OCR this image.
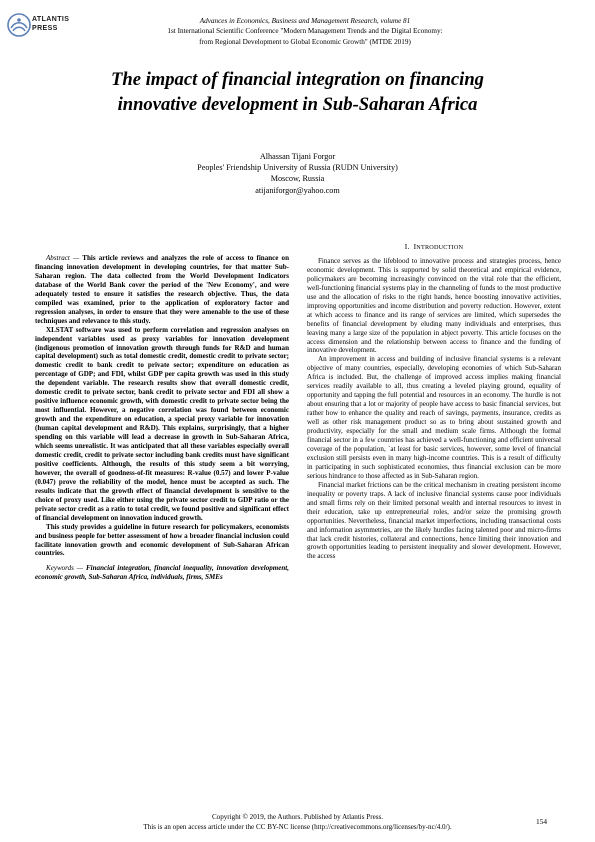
ATLANTIS
PRESS
Advances in Economics, Business and Management Research, volume 81
1st International Scientific Conference "Modern Management Trends and the Digital Economy:
from Regional Development to Global Economic Growth" (MTDE 2019)
The impact of financial integration on financing
innovative development in Sub-Saharan Africa
Alhassan Tijani Forgor
Peoples' Friendship University of Russia (RUDN University)
Moscow, Russia
atijaniforgor@yahoo.com

Abstract — This article reviews and analyzes the role of access to finance on financing innovation development in developing countries, for that matter Sub-Saharan region. The data collected from the World Development Indicators database of the World Bank cover the period of the 'New Economy', and were adequately tested to ensure it satisfies the research objective. Thus, the data compiled was examined, prior to the application of exploratory factor and regression analyses, in order to ensure that they were amenable to the use of these techniques and relevance to this study.

XLSTAT software was used to perform correlation and regression analyses on independent variables used as proxy variables for innovation development (indigenous promotion of innovation growth through funds for R&D and human capital development) such as total domestic credit, domestic credit to private sector; domestic credit to bank credit to private sector; expenditure on education as percentage of GDP; and FDI, whilst GDP per capita growth was used in this study the dependent variable. The research results show that overall domestic credit, domestic credit to private sector, bank credit to private sector and FDI all show a positive influence economic growth, with domestic credit to private sector being the most influential. However, a negative correlation was found between economic growth and the expenditure on education, a special proxy variable for innovation (human capital development and R&D). This explains, surprisingly, that a higher spending on this variable will lead a decrease in growth in Sub-Saharan Africa, which seems unrealistic. It was anticipated that all these variables especially overall domestic credit, credit to private sector including bank credits must have significant positive coefficients. Although, the results of this study seem a bit worrying, however, the overall of goodness-of-fit measures: R-value (0.57) and lower P-value (0.047) prove the reliability of the model, hence must be accepted as such. The results indicate that the growth effect of financial development is sensitive to the choice of proxy used. Like either using the private sector credit to GDP ratio or the private sector credit as a ratio to total credit, we found positive and significant effect of financial development on innovation induced growth.

This study provides a guideline in future research for policymakers, economists and business people for better assessment of how a broader financial inclusion could facilitate innovation growth and economic development of Sub-Saharan African countries.

Keywords — Financial integration, financial inequality, innovation development, economic growth, Sub-Saharan Africa, individuals, firms, SMEs
I. INTRODUCTION

Finance serves as the lifeblood to innovative process and strategies process, hence economic development. This is supported by solid theoretical and empirical evidence, policymakers are becoming increasingly convinced on the vital role that the efficient, well-functioning financial systems play in the channeling of funds to the most productive use and the allocation of risks to the right hands, hence boosting innovative activities, improving opportunities and income distribution and poverty reduction. However, extent at which access to finance and its range of services are limited, which supersedes the benefits of financial development by eluding many individuals and enterprises, thus leaving many a large size of the population in abject poverty. This article focuses on the access dimension and the relationship between access to finance and the funding of innovative development.

An improvement in access and building of inclusive financial systems is a relevant objective of many countries, especially, developing economies of which Sub-Saharan Africa is included. But, the challenge of improved access implies making financial services readily available to all, thus creating a leveled playing ground, equality of opportunity and tapping the full potential and resources in an economy. The hurdle is not about ensuring that a lot or majority of people have access to basic financial services, but rather how to enhance the quality and reach of savings, payments, insurance, credits as well as other risk management product so as to bring about sustained growth and productivity, especially for the small and medium scale firms. Although the formal financial sector in a few countries has achieved a well-functioning and efficient universal coverage of the population, `at least for basic services, however, some level of financial exclusion still persists even in many high-income countries. This is a result of difficulty in participating in such sophisticated economies, thus financial exclusion can be more serious hindrance to those affected as in Sub-Saharan region.

Financial market frictions can be the critical mechanism in creating persistent income inequality or poverty traps. A lack of inclusive financial systems cause poor individuals and small firms rely on their limited personal wealth and internal resources to invest in their education, take up entrepreneurial roles, and/or seize the promising growth opportunities. Nevertheless, financial market imperfections, including transactional costs and information asymmetries, are the likely hurdles facing talented poor and micro-firms that lack credit histories, collateral and connections, hence limiting their innovation and growth opportunities leading to persistent inequality and slower development. However, the access

Copyright © 2019, the Authors. Published by Atlantis Press.
This is an open access article under the CC BY-NC license (http://creativecommons.org/licenses/by-nc/4.0/).
154
